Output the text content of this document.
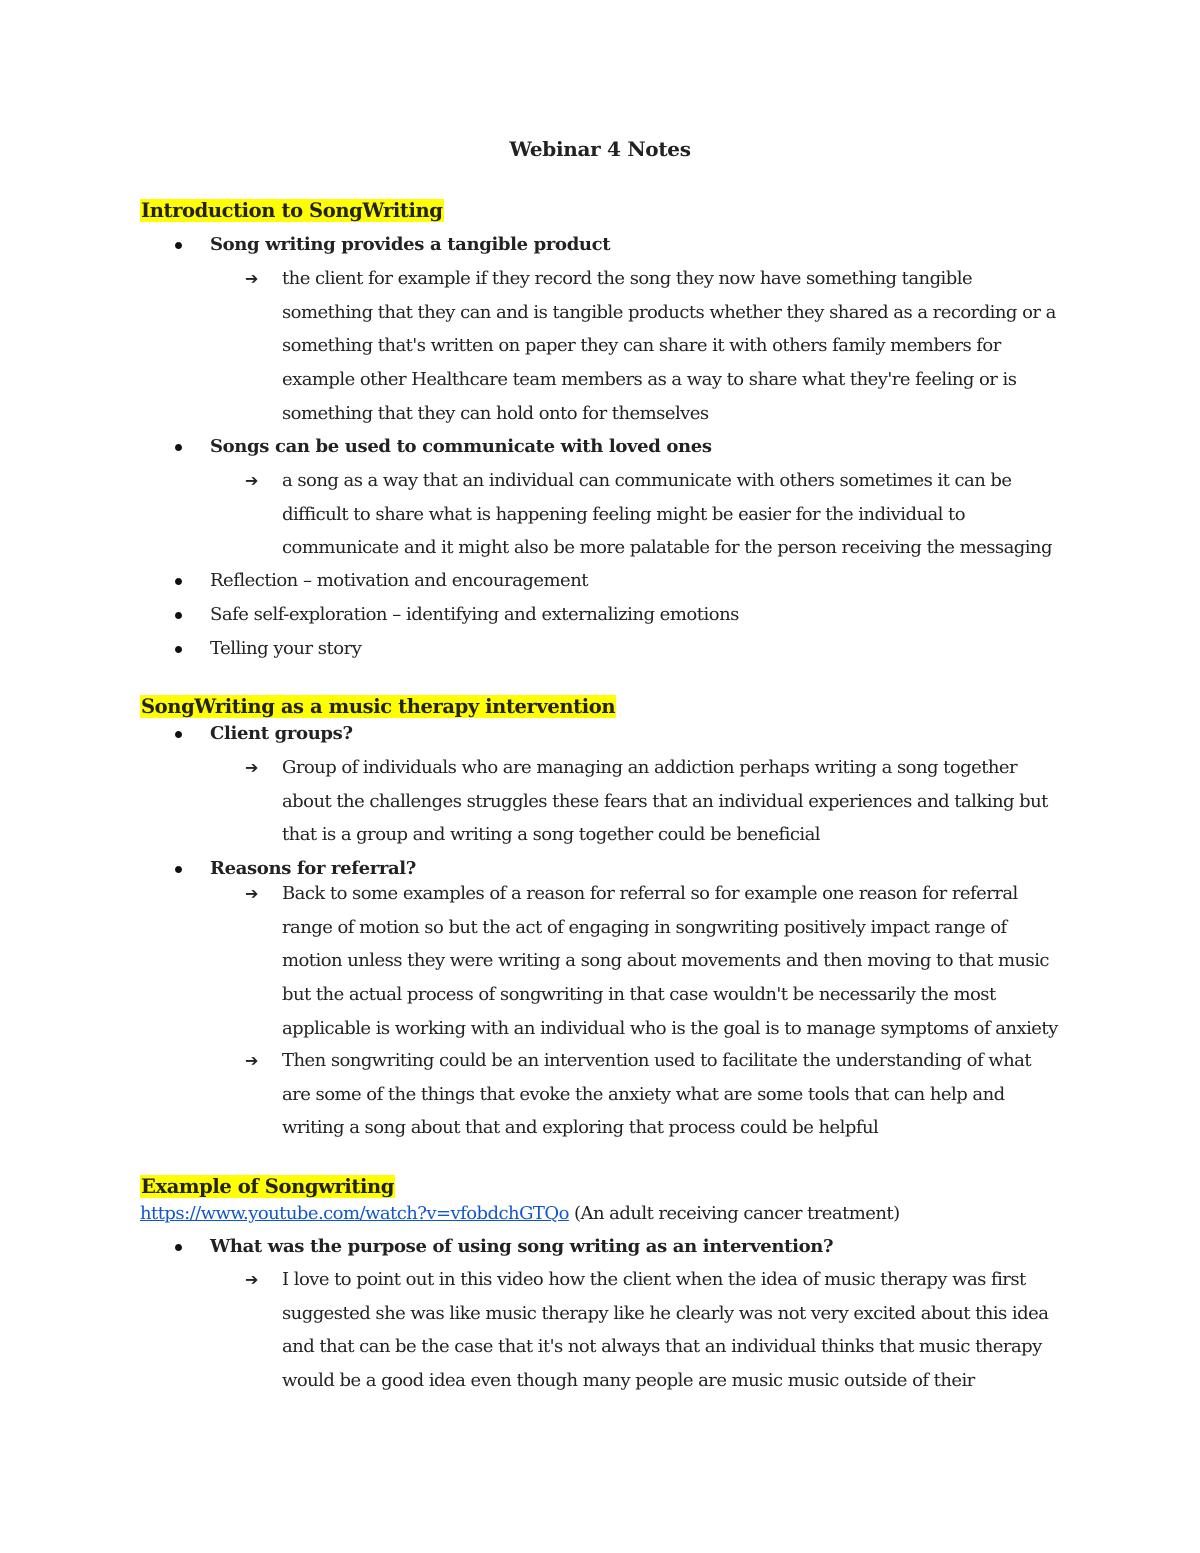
Webinar 4 Notes
Introduction to SongWriting
Song writing provides a tangible product
➔ the client for example if they record the song they now have something tangible
something that they can and is tangible products whether they shared as a recording or a
something that's written on paper they can share it with others family members for
example other Healthcare team members as a way to share what they're feeling or is
something that they can hold onto for themselves
Songs can be used to communicate with loved ones
➔ a song as a way that an individual can communicate with others sometimes it can be
difficult to share what is happening feeling might be easier for the individual to
communicate and it might also be more palatable for the person receiving the messaging
Reflection – motivation and encouragement
Safe self-exploration – identifying and externalizing emotions
Telling your story
SongWriting as a music therapy intervention
Client groups?
➔ Group of individuals who are managing an addiction perhaps writing a song together
about the challenges struggles these fears that an individual experiences and talking but
that is a group and writing a song together could be beneficial
Reasons for referral?
➔ Back to some examples of a reason for referral so for example one reason for referral
range of motion so but the act of engaging in songwriting positively impact range of
motion unless they were writing a song about movements and then moving to that music
but the actual process of songwriting in that case wouldn't be necessarily the most
applicable is working with an individual who is the goal is to manage symptoms of anxiety
➔ Then songwriting could be an intervention used to facilitate the understanding of what
are some of the things that evoke the anxiety what are some tools that can help and
writing a song about that and exploring that process could be helpful
Example of Songwriting
https://www.youtube.com/watch?v=vfobdchGTQo (An adult receiving cancer treatment)
What was the purpose of using song writing as an intervention?
➔ I love to point out in this video how the client when the idea of music therapy was first
suggested she was like music therapy like he clearly was not very excited about this idea
and that can be the case that it's not always that an individual thinks that music therapy
would be a good idea even though many people are music music outside of their
